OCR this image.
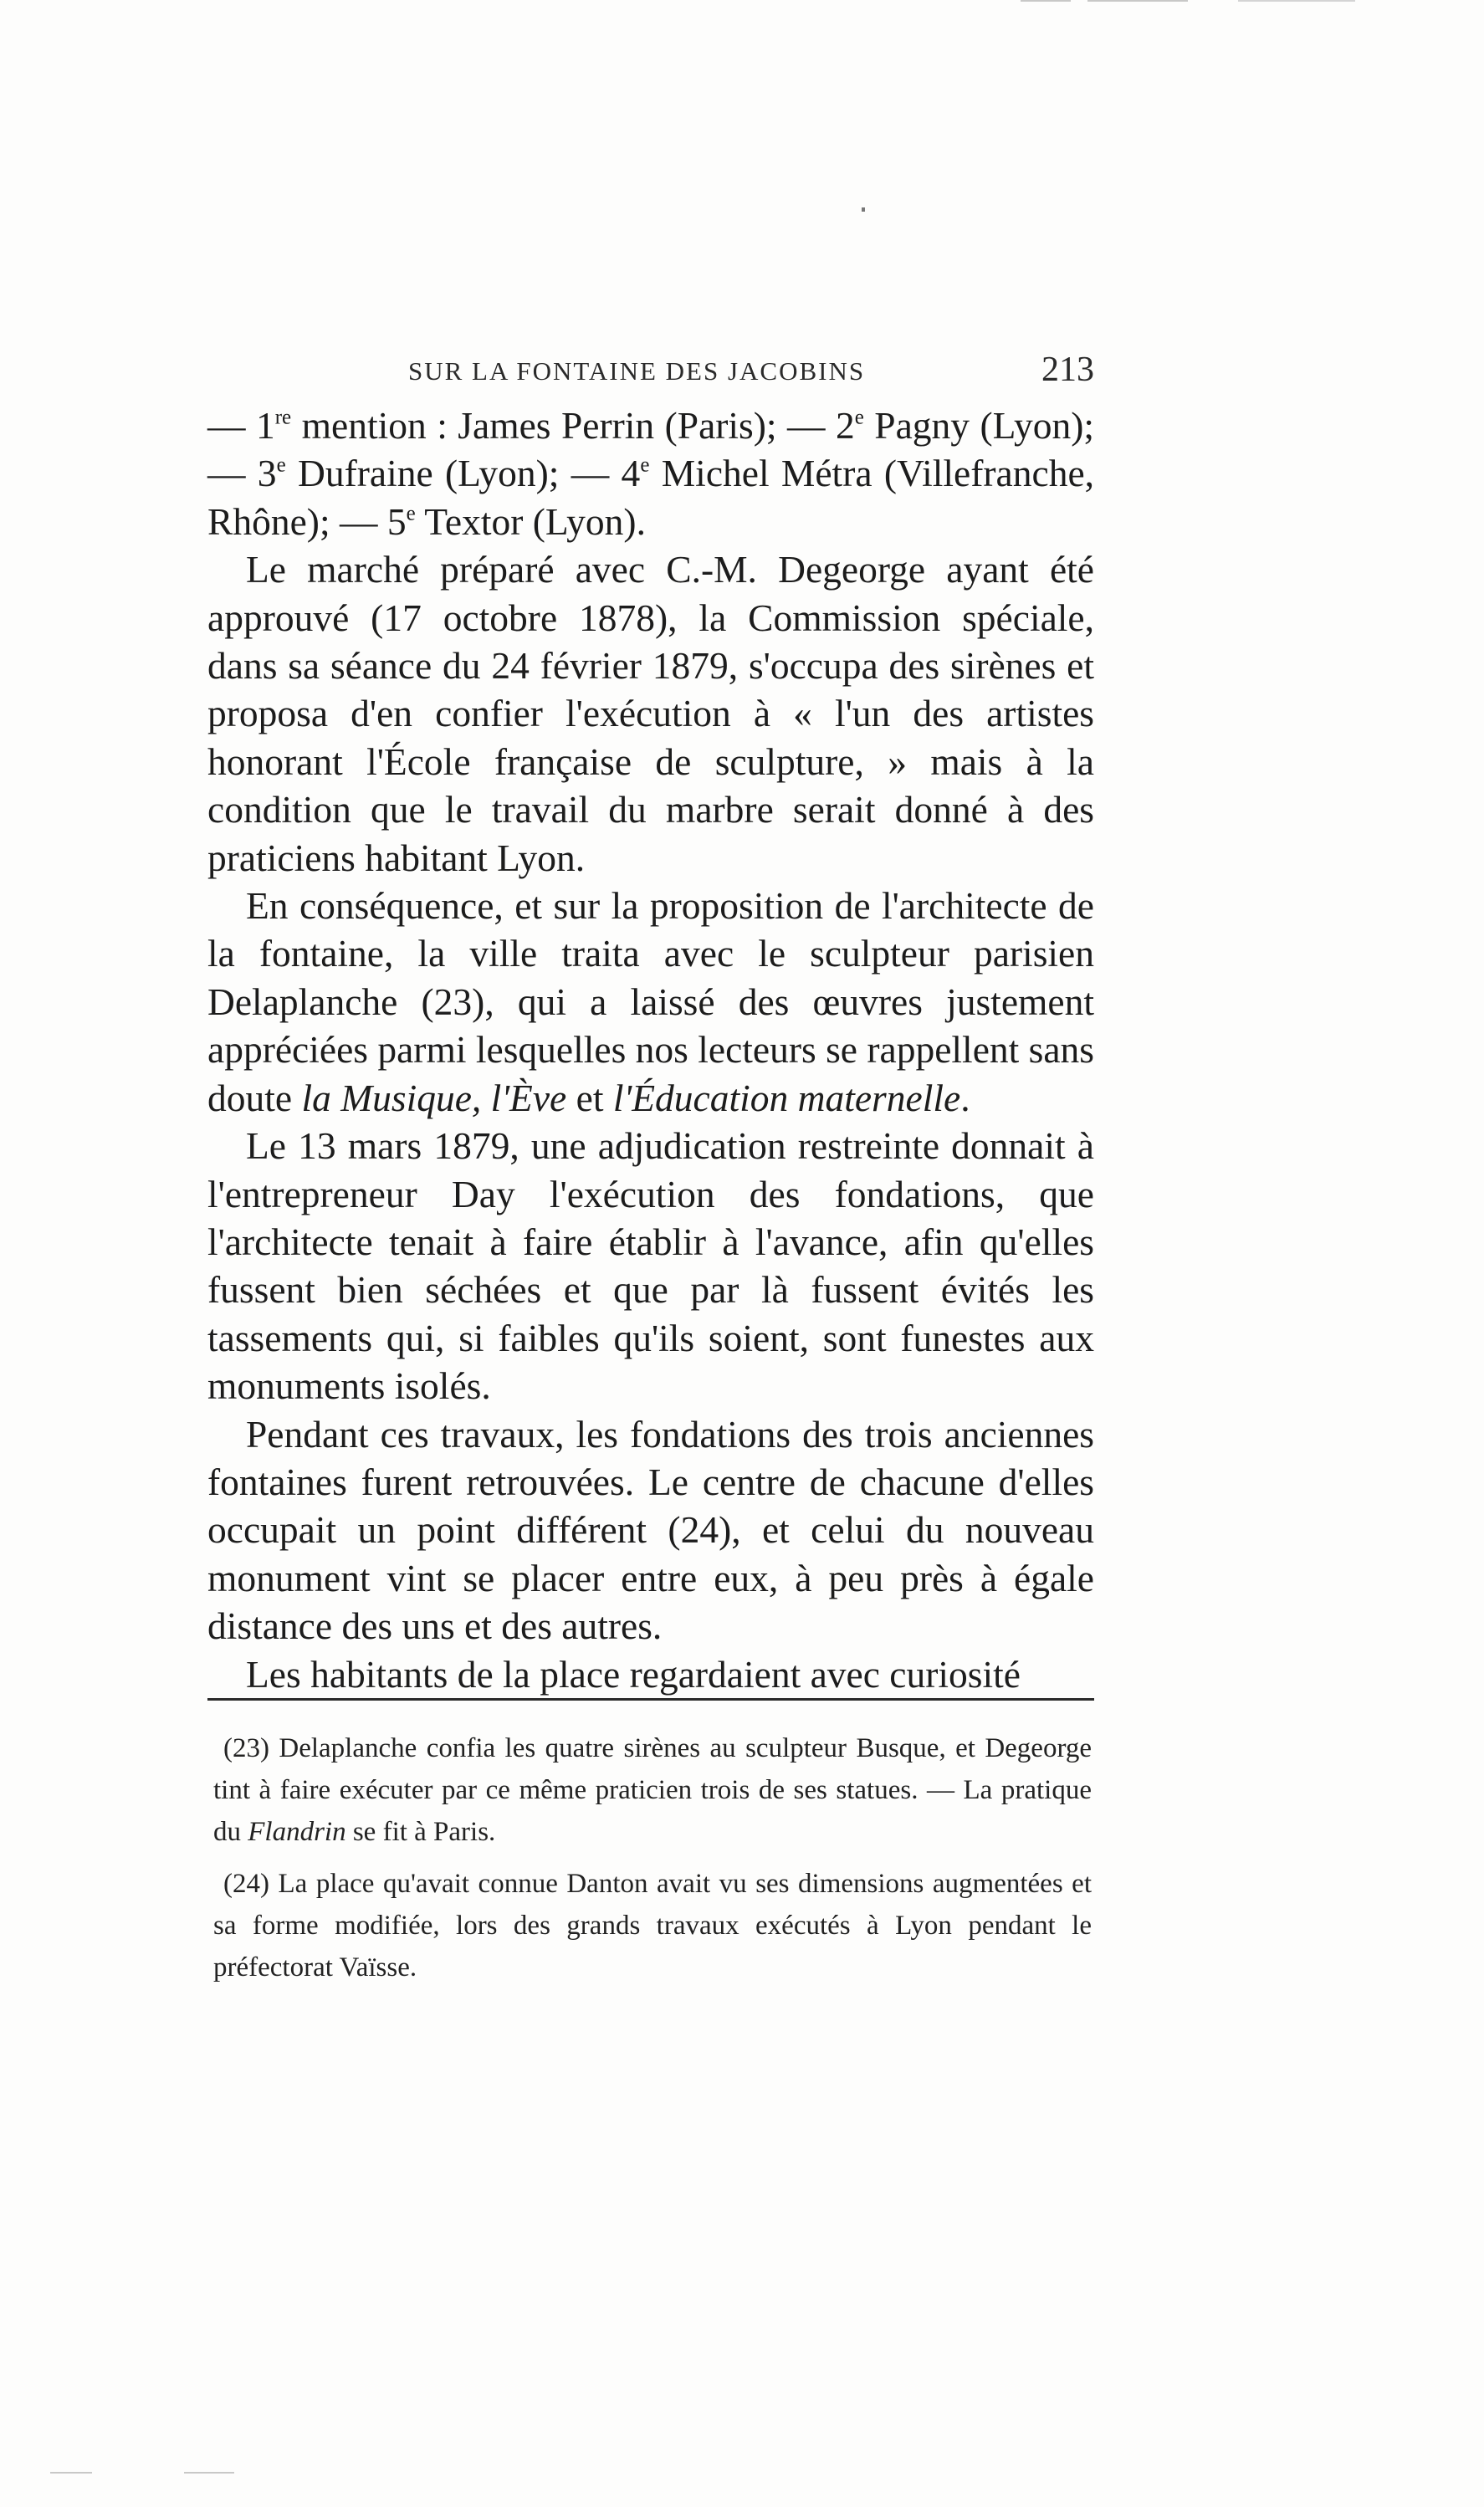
SUR LA FONTAINE DES JACOBINS	213

— 1re mention : James Perrin (Paris); — 2e Pagny (Lyon); — 3e Dufraine (Lyon); — 4e Michel Métra (Villefranche, Rhône); — 5e Textor (Lyon).

Le marché préparé avec C.-M. Degeorge ayant été approuvé (17 octobre 1878), la Commission spéciale, dans sa séance du 24 février 1879, s'occupa des sirènes et proposa d'en confier l'exécution à « l'un des artistes honorant l'École française de sculpture, » mais à la condition que le travail du marbre serait donné à des praticiens habitant Lyon.

En conséquence, et sur la proposition de l'architecte de la fontaine, la ville traita avec le sculpteur parisien Delaplanche (23), qui a laissé des œuvres justement appréciées parmi lesquelles nos lecteurs se rappellent sans doute la Musique, l'Ève et l'Éducation maternelle.

Le 13 mars 1879, une adjudication restreinte donnait à l'entrepreneur Day l'exécution des fondations, que l'architecte tenait à faire établir à l'avance, afin qu'elles fussent bien séchées et que par là fussent évités les tassements qui, si faibles qu'ils soient, sont funestes aux monuments isolés.

Pendant ces travaux, les fondations des trois anciennes fontaines furent retrouvées. Le centre de chacune d'elles occupait un point différent (24), et celui du nouveau monument vint se placer entre eux, à peu près à égale distance des uns et des autres.

Les habitants de la place regardaient avec curiosité

(23) Delaplanche confia les quatre sirènes au sculpteur Busque, et Degeorge tint à faire exécuter par ce même praticien trois de ses statues. — La pratique du Flandrin se fit à Paris.

(24) La place qu'avait connue Danton avait vu ses dimensions augmentées et sa forme modifiée, lors des grands travaux exécutés à Lyon pendant le préfectorat Vaïsse.
